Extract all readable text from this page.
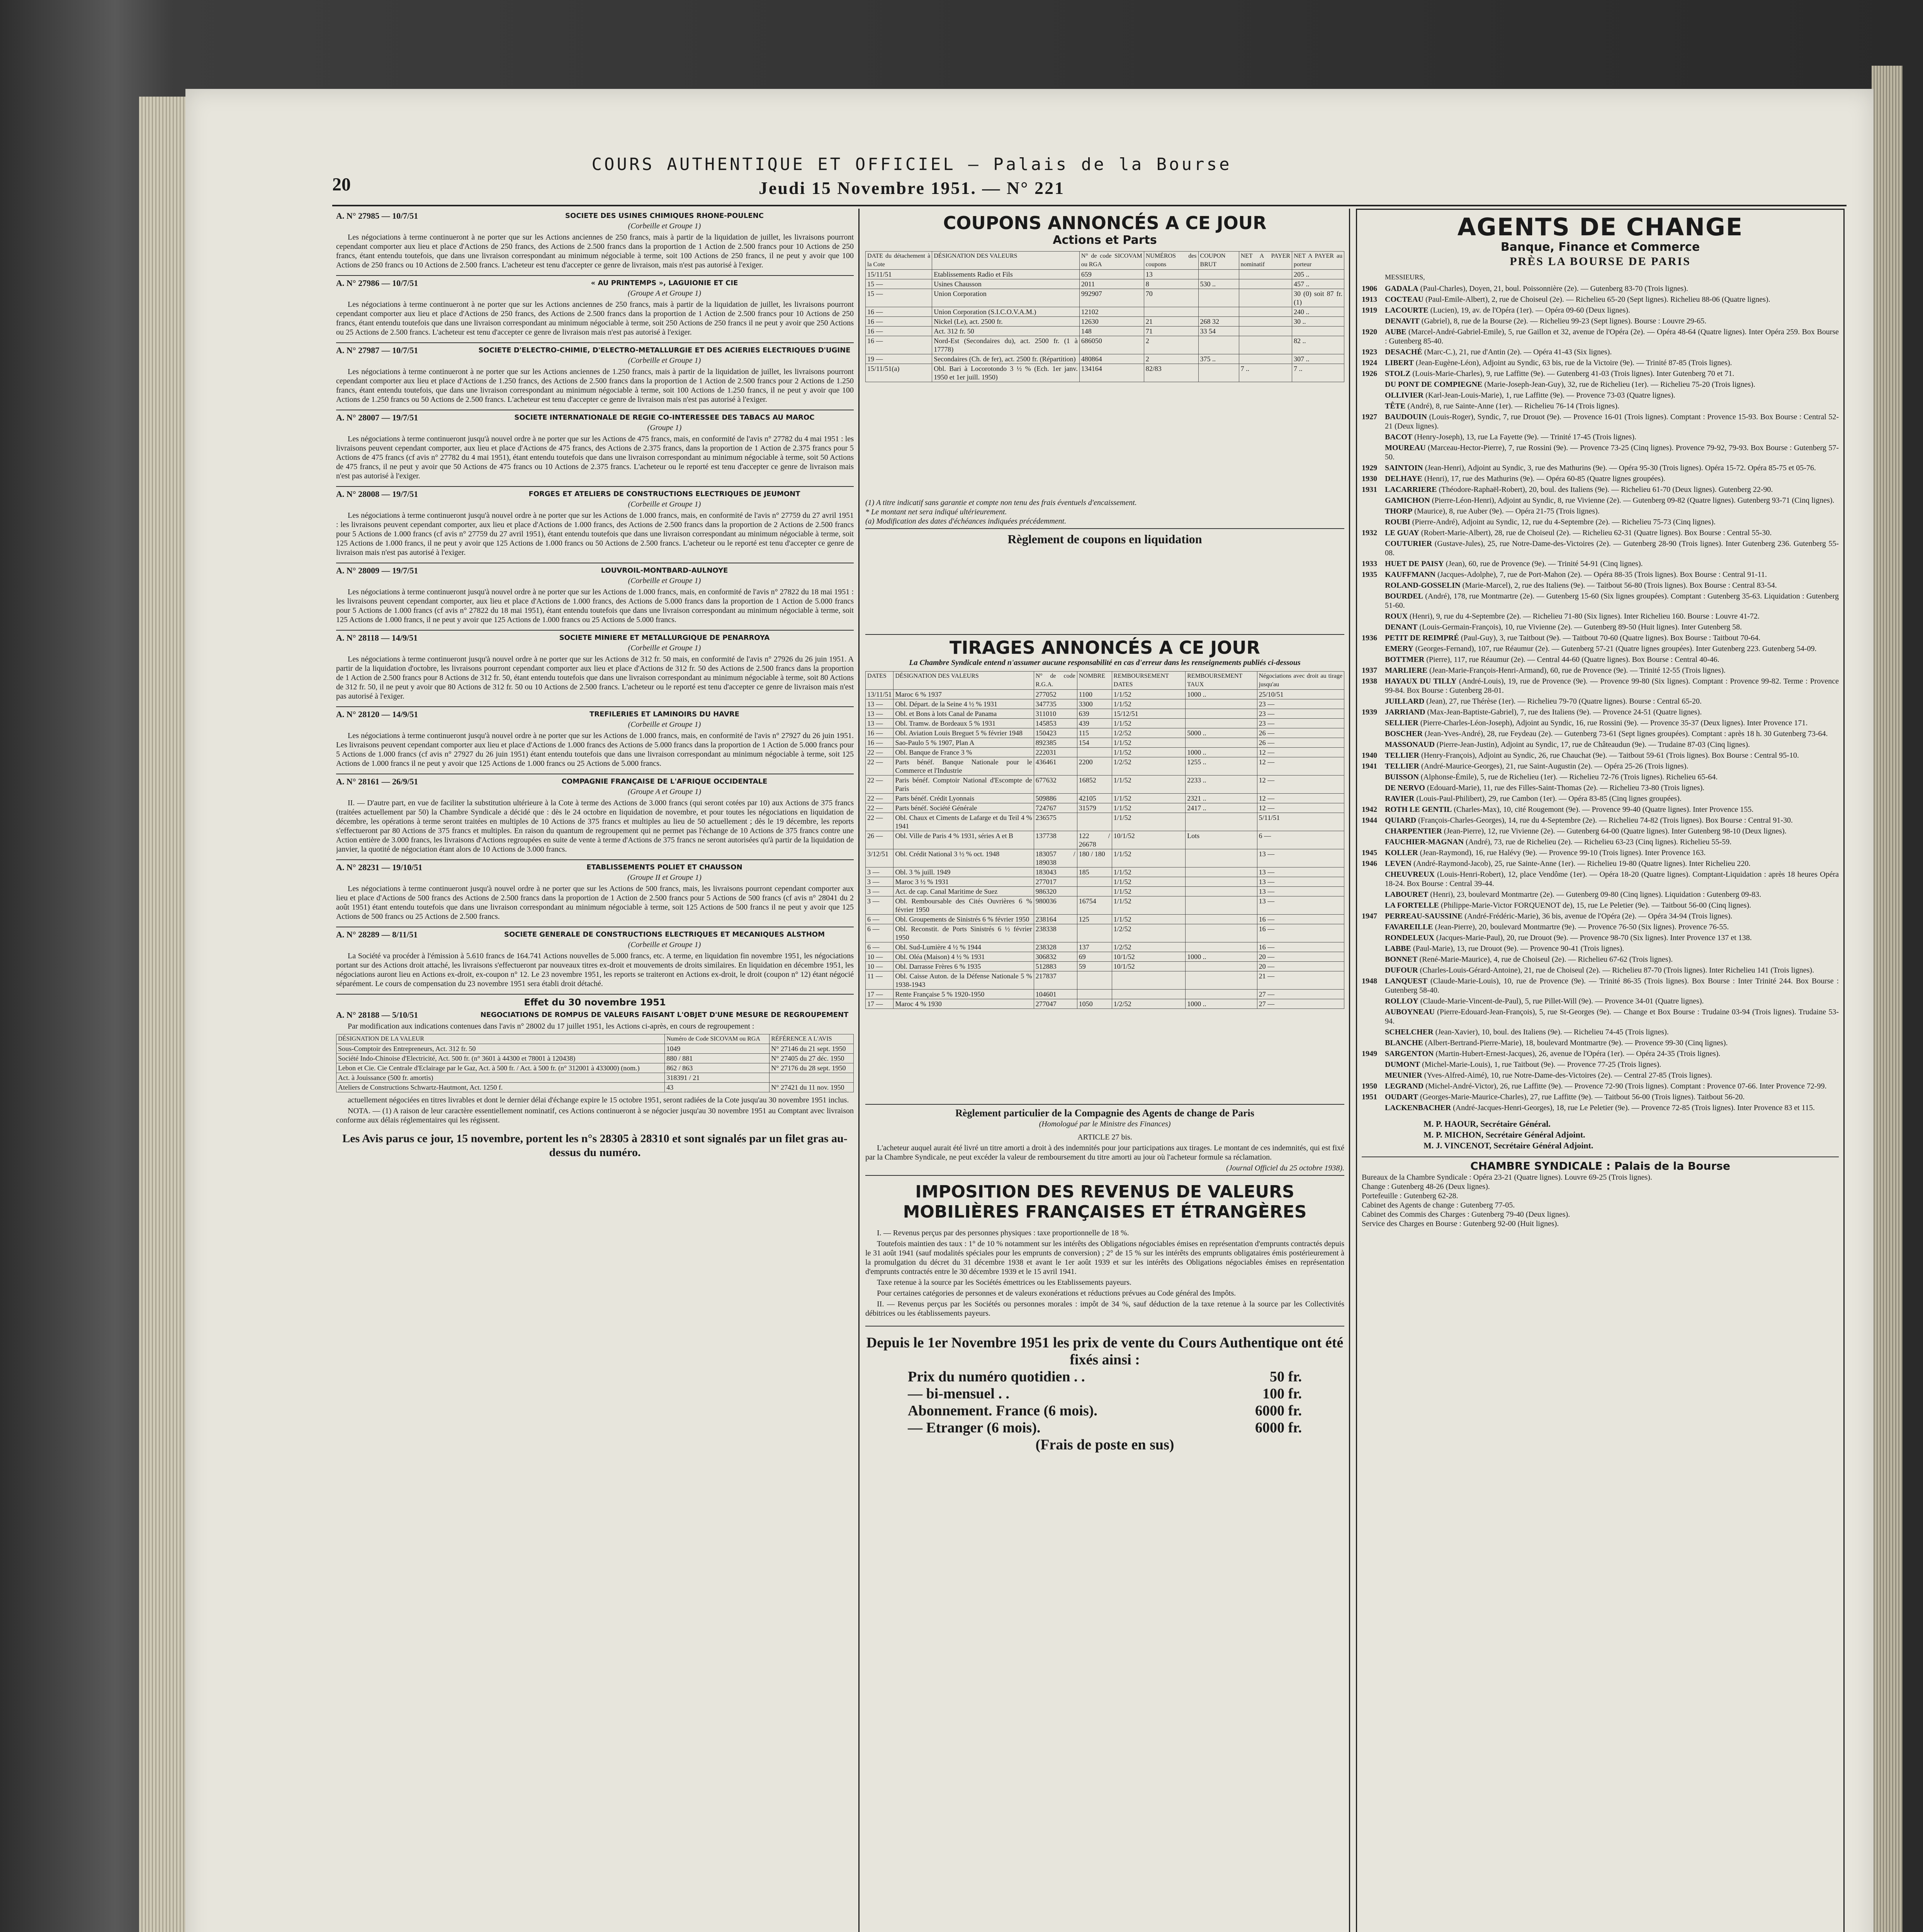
20
COURS AUTHENTIQUE ET OFFICIEL — Palais de la Bourse
Jeudi 15 Novembre 1951. — N° 221
A. N° 27985 — 10/7/51	SOCIETE DES USINES CHIMIQUES RHONE-POULENC
(Corbeille et Groupe 1)

Les négociations à terme continueront à ne porter que sur les Actions anciennes de 250 francs, mais à partir de la liquidation de juillet, les livraisons pourront cependant comporter aux lieu et place d'Actions de 250 francs, des Actions de 2.500 francs dans la proportion de 1 Action de 2.500 francs pour 10 Actions de 250 francs, étant entendu toutefois, que dans une livraison correspondant au minimum négociable à terme, soit 100 Actions de 250 francs, il ne peut y avoir que 100 Actions de 250 francs ou 10 Actions de 2.500 francs. L'acheteur est tenu d'accepter ce genre de livraison, mais n'est pas autorisé à l'exiger.

A. N° 27986 — 10/7/51	« AU PRINTEMPS », LAGUIONIE ET CIE
(Groupe A et Groupe 1)

Les négociations à terme continueront à ne porter que sur les Actions anciennes de 250 francs, mais à partir de la liquidation de juillet, les livraisons pourront cependant comporter aux lieu et place d'Actions de 250 francs, des Actions de 2.500 francs dans la proportion de 1 Action de 2.500 francs pour 10 Actions de 250 francs, étant entendu toutefois que dans une livraison correspondant au minimum négociable à terme, soit 250 Actions de 250 francs il ne peut y avoir que 250 Actions ou 25 Actions de 2.500 francs. L'acheteur est tenu d'accepter ce genre de livraison mais n'est pas autorisé à l'exiger.

A. N° 27987 — 10/7/51	SOCIETE D'ELECTRO-CHIMIE, D'ELECTRO-METALLURGIE ET DES ACIERIES ELECTRIQUES D'UGINE
(Corbeille et Groupe 1)

Les négociations à terme continueront à ne porter que sur les Actions anciennes de 1.250 francs, mais à partir de la liquidation de juillet, les livraisons pourront cependant comporter aux lieu et place d'Actions de 1.250 francs, des Actions de 2.500 francs dans la proportion de 1 Action de 2.500 francs pour 2 Actions de 1.250 francs, étant entendu toutefois, que dans une livraison correspondant au minimum négociable à terme, soit 100 Actions de 1.250 francs, il ne peut y avoir que 100 Actions de 1.250 francs ou 50 Actions de 2.500 francs. L'acheteur est tenu d'accepter ce genre de livraison mais n'est pas autorisé à l'exiger.

A. N° 28007 — 19/7/51	SOCIETE INTERNATIONALE DE REGIE CO-INTERESSEE DES TABACS AU MAROC
(Groupe 1)

Les négociations à terme continueront jusqu'à nouvel ordre à ne porter que sur les Actions de 475 francs, mais, en conformité de l'avis n° 27782 du 4 mai 1951 : les livraisons peuvent cependant comporter, aux lieu et place d'Actions de 475 francs, des Actions de 2.375 francs, dans la proportion de 1 Action de 2.375 francs pour 5 Actions de 475 francs (cf avis n° 27782 du 4 mai 1951), étant entendu toutefois que dans une livraison correspondant au minimum négociable à terme, soit 50 Actions de 475 francs, il ne peut y avoir que 50 Actions de 475 francs ou 10 Actions de 2.375 francs. L'acheteur ou le reporté est tenu d'accepter ce genre de livraison mais n'est pas autorisé à l'exiger.

A. N° 28008 — 19/7/51	FORGES ET ATELIERS DE CONSTRUCTIONS ELECTRIQUES DE JEUMONT
(Corbeille et Groupe 1)

Les négociations à terme continueront jusqu'à nouvel ordre à ne porter que sur les Actions de 1.000 francs, mais, en conformité de l'avis n° 27759 du 27 avril 1951 : les livraisons peuvent cependant comporter, aux lieu et place d'Actions de 1.000 francs, des Actions de 2.500 francs dans la proportion de 2 Actions de 2.500 francs pour 5 Actions de 1.000 francs (cf avis n° 27759 du 27 avril 1951), étant entendu toutefois que dans une livraison correspondant au minimum négociable à terme, soit 125 Actions de 1.000 francs, il ne peut y avoir que 125 Actions de 1.000 francs ou 50 Actions de 2.500 francs. L'acheteur ou le reporté est tenu d'accepter ce genre de livraison mais n'est pas autorisé à l'exiger.

A. N° 28009 — 19/7/51	LOUVROIL-MONTBARD-AULNOYE
(Corbeille et Groupe 1)

Les négociations à terme continueront jusqu'à nouvel ordre à ne porter que sur les Actions de 1.000 francs, mais, en conformité de l'avis n° 27822 du 18 mai 1951 : les livraisons peuvent cependant comporter, aux lieu et place d'Actions de 1.000 francs, des Actions de 5.000 francs dans la proportion de 1 Action de 5.000 francs pour 5 Actions de 1.000 francs (cf avis n° 27822 du 18 mai 1951), étant entendu toutefois que dans une livraison correspondant au minimum négociable à terme, soit 125 Actions de 1.000 francs, il ne peut y avoir que 125 Actions de 1.000 francs ou 25 Actions de 5.000 francs.

A. N° 28118 — 14/9/51	SOCIETE MINIERE ET METALLURGIQUE DE PENARROYA
(Corbeille et Groupe 1)

Les négociations à terme continueront jusqu'à nouvel ordre à ne porter que sur les Actions de 312 fr. 50 mais, en conformité de l'avis n° 27926 du 26 juin 1951. A partir de la liquidation d'octobre, les livraisons pourront cependant comporter aux lieu et place d'Actions de 312 fr. 50 des Actions de 2.500 francs dans la proportion de 1 Action de 2.500 francs pour 8 Actions de 312 fr. 50, étant entendu toutefois que dans une livraison correspondant au minimum négociable à terme, soit 80 Actions de 312 fr. 50, il ne peut y avoir que 80 Actions de 312 fr. 50 ou 10 Actions de 2.500 francs. L'acheteur ou le reporté est tenu d'accepter ce genre de livraison mais n'est pas autorisé à l'exiger.

A. N° 28120 — 14/9/51	TREFILERIES ET LAMINOIRS DU HAVRE
(Corbeille et Groupe 1)

Les négociations à terme continueront jusqu'à nouvel ordre à ne porter que sur les Actions de 1.000 francs, mais, en conformité de l'avis n° 27927 du 26 juin 1951. Les livraisons peuvent cependant comporter aux lieu et place d'Actions de 1.000 francs des Actions de 5.000 francs dans la proportion de 1 Action de 5.000 francs pour 5 Actions de 1.000 francs (cf avis n° 27927 du 26 juin 1951) étant entendu toutefois que dans une livraison correspondant au minimum négociable à terme, soit 125 Actions de 1.000 francs il ne peut y avoir que 125 Actions de 1.000 francs ou 25 Actions de 5.000 francs.

A. N° 28161 — 26/9/51	COMPAGNIE FRANÇAISE DE L'AFRIQUE OCCIDENTALE
(Groupe A et Groupe 1)

II. — D'autre part, en vue de faciliter la substitution ultérieure à la Cote à terme des Actions de 3.000 francs (qui seront cotées par 10) aux Actions de 375 francs (traitées actuellement par 50) la Chambre Syndicale a décidé que : dès le 24 octobre en liquidation de novembre, et pour toutes les négociations en liquidation de décembre, les opérations à terme seront traitées en multiples de 10 Actions de 375 francs et multiples au lieu de 50 actuellement ; dès le 19 décembre, les reports s'effectueront par 80 Actions de 375 francs et multiples. En raison du quantum de regroupement qui ne permet pas l'échange de 10 Actions de 375 francs contre une Action entière de 3.000 francs, les livraisons d'Actions regroupées en suite de vente à terme d'Actions de 375 francs ne seront autorisées qu'à partir de la liquidation de janvier, la quotité de négociation étant alors de 10 Actions de 3.000 francs.

A. N° 28231 — 19/10/51	ETABLISSEMENTS POLIET ET CHAUSSON
(Groupe II et Groupe 1)

Les négociations à terme continueront jusqu'à nouvel ordre à ne porter que sur les Actions de 500 francs, mais, les livraisons pourront cependant comporter aux lieu et place d'Actions de 500 francs des Actions de 2.500 francs dans la proportion de 1 Action de 2.500 francs pour 5 Actions de 500 francs (cf avis n° 28041 du 2 août 1951) étant entendu toutefois que dans une livraison correspondant au minimum négociable à terme, soit 125 Actions de 500 francs il ne peut y avoir que 125 Actions de 500 francs ou 25 Actions de 2.500 francs.

A. N° 28289 — 8/11/51	SOCIETE GENERALE DE CONSTRUCTIONS ELECTRIQUES ET MECANIQUES ALSTHOM
(Corbeille et Groupe 1)

La Société va procéder à l'émission à 5.610 francs de 164.741 Actions nouvelles de 5.000 francs, etc. A terme, en liquidation fin novembre 1951, les négociations portant sur des Actions droit attaché, les livraisons s'effectueront par nouveaux titres ex-droit et mouvements de droits similaires. En liquidation en décembre 1951, les négociations auront lieu en Actions ex-droit, ex-coupon n° 12. Le 23 novembre 1951, les reports se traiteront en Actions ex-droit, le droit (coupon n° 12) étant négocié séparément. Le cours de compensation du 23 novembre 1951 sera établi droit détaché.

Effet du 30 novembre 1951
A. N° 28188 — 5/10/51	NEGOCIATIONS DE ROMPUS DE VALEURS FAISANT L'OBJET D'UNE MESURE DE REGROUPEMENT

Par modification aux indications contenues dans l'avis n° 28002 du 17 juillet 1951, les Actions ci-après, en cours de regroupement :

DÉSIGNATION DE LA VALEUR	Numéro de Code SICOVAM ou RGA	RÉFÉRENCE A L'AVIS
Sous-Comptoir des Entrepreneurs, Act. 312 fr. 50	1049	N° 27146 du 21 sept. 1950
Société Indo-Chinoise d'Electricité, Act. 500 fr. (n° 3601 à 44300 et 78001 à 120438)	880 / 881	N° 27405 du 27 déc. 1950
Lebon et Cie. Cie Centrale d'Eclairage par le Gaz, Act. à 500 fr. / Act. à 500 fr. (n° 312001 à 433000) (nom.)	862 / 863	N° 27176 du 28 sept. 1950
Act. à Jouissance (500 fr. amortis)	318391 / 21	
Ateliers de Constructions Schwartz-Hautmont, Act. 1250 f.	43	N° 27421 du 11 nov. 1950

actuellement négociées en titres livrables et dont le dernier délai d'échange expire le 15 octobre 1951, seront radiées de la Cote jusqu'au 30 novembre 1951 inclus.

NOTA. — (1) A raison de leur caractère essentiellement nominatif, ces Actions continueront à se négocier jusqu'au 30 novembre 1951 au Comptant avec livraison conforme aux délais réglementaires qui les régissent.

Les Avis parus ce jour, 15 novembre, portent les n°s 28305 à 28310 et sont signalés par un filet gras au-dessus du numéro.
COUPONS ANNONCÉS A CE JOUR
Actions et Parts
DATE du détachement à la Cote	DÉSIGNATION DES VALEURS	N° de code SICOVAM ou RGA	NUMÉROS des coupons	COUPON BRUT	NET A PAYER nominatif	NET A PAYER au porteur
15/11/51	Etablissements Radio et Fils	659	13			205 ..
15 —	Usines Chausson	2011	8	530 ..		457 ..
15 —	Union Corporation	992907	70			30 (0) soit 87 fr. (1)
16 —	Union Corporation (S.I.C.O.V.A.M.)	12102				240 ..
16 —	Nickel (Le), act. 2500 fr.	12630	21	268 32		30 ..
16 —	Act. 312 fr. 50	148	71	33 54		
16 —	Nord-Est (Secondaires du), act. 2500 fr. (1 à 17778)	686050	2			82 ..
19 —	Secondaires (Ch. de fer), act. 2500 fr. (Répartition)	480864	2	375 ..		307 ..
15/11/51(a)	Obl. Bari à Locorotondo 3 ½ % (Ech. 1er janv. 1950 et 1er juill. 1950)	134164	82/83		7 ..	7 ..
(1) A titre indicatif sans garantie et compte non tenu des frais éventuels d'encaissement.
* Le montant net sera indiqué ultérieurement.
(a) Modification des dates d'échéances indiquées précédemment.
Règlement de coupons en liquidation
TIRAGES ANNONCÉS A CE JOUR
La Chambre Syndicale entend n'assumer aucune responsabilité en cas d'erreur dans les renseignements publiés ci-dessous
DATES	DÉSIGNATION DES VALEURS	N° de code R.G.A.	NOMBRE	REMBOURSEMENT DATES	REMBOURSEMENT TAUX	Négociations avec droit au tirage jusqu'au
13/11/51	Maroc 6 % 1937	277052	1100	1/1/52	1000 ..	25/10/51
13 —	Obl. Départ. de la Seine 4 ½ % 1931	347735	3300	1/1/52		23 —
13 —	Obl. et Bons à lots Canal de Panama	311010	639	15/12/51		23 —
13 —	Obl. Tramw. de Bordeaux 5 % 1931	145853	439	1/1/52		23 —
16 —	Obl. Aviation Louis Breguet 5 % février 1948	150423	115	1/2/52	5000 ..	26 —
16 —	Sao-Paulo 5 % 1907, Plan A	892385	154	1/1/52		26 —
22 —	Obl. Banque de France 3 %	222031		1/1/52	1000 ..	12 —
22 —	Parts bénéf. Banque Nationale pour le Commerce et l'Industrie	436461	2200	1/2/52	1255 ..	12 —
22 —	Paris bénéf. Comptoir National d'Escompte de Paris	677632	16852	1/1/52	2233 ..	12 —
22 —	Parts bénéf. Crédit Lyonnais	509886	42105	1/1/52	2321 ..	12 —
22 —	Parts bénéf. Société Générale	724767	31579	1/1/52	2417 ..	12 —
22 —	Obl. Chaux et Ciments de Lafarge et du Teil 4 % 1941	236575		1/1/52		5/11/51
26 —	Obl. Ville de Paris 4 % 1931, séries A et B	137738	122 / 26678	10/1/52	Lots	6 —
3/12/51	Obl. Crédit National 3 ½ % oct. 1948	183057 / 189038	180 / 180	1/1/52		13 —
3 —	Obl. 3 % juill. 1949	183043	185	1/1/52		13 —
3 —	Maroc 3 ½ % 1931	277017		1/1/52		13 —
3 —	Act. de cap. Canal Maritime de Suez	986320		1/1/52		13 —
3 —	Obl. Remboursable des Cités Ouvrières 6 % février 1950	980036	16754	1/1/52		13 —
6 —	Obl. Groupements de Sinistrés 6 % février 1950	238164	125	1/1/52		16 —
6 —	Obl. Reconstit. de Ports Sinistrés 6 ½ février 1950	238338		1/2/52		16 —
6 —	Obl. Sud-Lumière 4 ½ % 1944	238328	137	1/2/52		16 —
10 —	Obl. Oléa (Maison) 4 ½ % 1931	306832	69	10/1/52	1000 ..	20 —
10 —	Obl. Darrasse Frères 6 % 1935	512883	59	10/1/52		20 —
11 —	Obl. Caisse Auton. de la Défense Nationale 5 % 1938-1943	217837				21 —
17 —	Rente Française 5 % 1920-1950	104601				27 —
17 —	Maroc 4 % 1930	277047	1050	1/2/52	1000 ..	27 —
Règlement particulier de la Compagnie des Agents de change de Paris
(Homologué par le Ministre des Finances)
ARTICLE 27 bis.

L'acheteur auquel aurait été livré un titre amorti a droit à des indemnités pour jour participations aux tirages. Le montant de ces indemnités, qui est fixé par la Chambre Syndicale, ne peut excéder la valeur de remboursement du titre amorti au jour où l'acheteur formule sa réclamation.

(Journal Officiel du 25 octobre 1938).
IMPOSITION DES REVENUS DE VALEURS MOBILIÈRES FRANÇAISES ET ÉTRANGÈRES

I. — Revenus perçus par des personnes physiques : taxe proportionnelle de 18 %.

Toutefois maintien des taux : 1° de 10 % notamment sur les intérêts des Obligations négociables émises en représentation d'emprunts contractés depuis le 31 août 1941 (sauf modalités spéciales pour les emprunts de conversion) ; 2° de 15 % sur les intérêts des emprunts obligataires émis postérieurement à la promulgation du décret du 31 décembre 1938 et avant le 1er août 1939 et sur les intérêts des Obligations négociables émises en représentation d'emprunts contractés entre le 30 décembre 1939 et le 15 avril 1941.

Taxe retenue à la source par les Sociétés émettrices ou les Etablissements payeurs.

Pour certaines catégories de personnes et de valeurs exonérations et réductions prévues au Code général des Impôts.

II. — Revenus perçus par les Sociétés ou personnes morales : impôt de 34 %, sauf déduction de la taxe retenue à la source par les Collectivités débitrices ou les établissements payeurs.

Depuis le 1er Novembre 1951 les prix de vente du Cours Authentique ont été fixés ainsi :
Prix du numéro quotidien . .	50 fr.
— bi-mensuel . .	100 fr.
Abonnement. France (6 mois).	6000 fr.
— Etranger (6 mois).	6000 fr.
(Frais de poste en sus)
AGENTS DE CHANGE
Banque, Finance et Commerce
PRÈS LA BOURSE DE PARIS
MESSIEURS,
1906	GADALA (Paul-Charles), Doyen, 21, boul. Poissonnière (2e). — Gutenberg 83-70 (Trois lignes).
1913	COCTEAU (Paul-Emile-Albert), 2, rue de Choiseul (2e). — Richelieu 65-20 (Sept lignes). Richelieu 88-06 (Quatre lignes).
1919	LACOURTE (Lucien), 19, av. de l'Opéra (1er). — Opéra 09-60 (Deux lignes).
DENAVIT (Gabriel), 8, rue de la Bourse (2e). — Richelieu 99-23 (Sept lignes). Bourse : Louvre 29-65.
1920	AUBE (Marcel-André-Gabriel-Emile), 5, rue Gaillon et 32, avenue de l'Opéra (2e). — Opéra 48-64 (Quatre lignes). Inter Opéra 259. Box Bourse : Gutenberg 85-40.
1923	DESACHÉ (Marc-C.), 21, rue d'Antin (2e). — Opéra 41-43 (Six lignes).
1924	LIBERT (Jean-Eugène-Léon), Adjoint au Syndic, 63 bis, rue de la Victoire (9e). — Trinité 87-85 (Trois lignes).
1926	STOLZ (Louis-Marie-Charles), 9, rue Laffitte (9e). — Gutenberg 41-03 (Trois lignes). Inter Gutenberg 70 et 71.
DU PONT DE COMPIEGNE (Marie-Joseph-Jean-Guy), 32, rue de Richelieu (1er). — Richelieu 75-20 (Trois lignes).
OLLIVIER (Karl-Jean-Louis-Marie), 1, rue Laffitte (9e). — Provence 73-03 (Quatre lignes).
TÊTE (André), 8, rue Sainte-Anne (1er). — Richelieu 76-14 (Trois lignes).
1927	BAUDOUIN (Louis-Roger), Syndic, 7, rue Drouot (9e). — Provence 16-01 (Trois lignes). Comptant : Provence 15-93. Box Bourse : Central 52-21 (Deux lignes).
BACOT (Henry-Joseph), 13, rue La Fayette (9e). — Trinité 17-45 (Trois lignes).
MOUREAU (Marceau-Hector-Pierre), 7, rue Rossini (9e). — Provence 73-25 (Cinq lignes). Provence 79-92, 79-93. Box Bourse : Gutenberg 57-50.
1929	SAINTOIN (Jean-Henri), Adjoint au Syndic, 3, rue des Mathurins (9e). — Opéra 95-30 (Trois lignes). Opéra 15-72. Opéra 85-75 et 05-76.
1930	DELHAYE (Henri), 17, rue des Mathurins (9e). — Opéra 60-85 (Quatre lignes groupées).
1931	LACARRIERE (Théodore-Raphaël-Robert), 20, boul. des Italiens (9e). — Richelieu 61-70 (Deux lignes). Gutenberg 22-90.
GAMICHON (Pierre-Léon-Henri), Adjoint au Syndic, 8, rue Vivienne (2e). — Gutenberg 09-82 (Quatre lignes). Gutenberg 93-71 (Cinq lignes).
THORP (Maurice), 8, rue Auber (9e). — Opéra 21-75 (Trois lignes).
ROUBI (Pierre-André), Adjoint au Syndic, 12, rue du 4-Septembre (2e). — Richelieu 75-73 (Cinq lignes).
1932	LE GUAY (Robert-Marie-Albert), 28, rue de Choiseul (2e). — Richelieu 62-31 (Quatre lignes). Box Bourse : Central 55-30.
COUTURIER (Gustave-Jules), 25, rue Notre-Dame-des-Victoires (2e). — Gutenberg 28-90 (Trois lignes). Inter Gutenberg 236. Gutenberg 55-08.
1933	HUET DE PAISY (Jean), 60, rue de Provence (9e). — Trinité 54-91 (Cinq lignes).
1935	KAUFFMANN (Jacques-Adolphe), 7, rue de Port-Mahon (2e). — Opéra 88-35 (Trois lignes). Box Bourse : Central 91-11.
ROLAND-GOSSELIN (Marie-Marcel), 2, rue des Italiens (9e). — Taitbout 56-80 (Trois lignes). Box Bourse : Central 83-54.
BOURDEL (André), 178, rue Montmartre (2e). — Gutenberg 15-60 (Six lignes groupées). Comptant : Gutenberg 35-63. Liquidation : Gutenberg 51-60.
ROUX (Henri), 9, rue du 4-Septembre (2e). — Richelieu 71-80 (Six lignes). Inter Richelieu 160. Bourse : Louvre 41-72.
DENANT (Louis-Germain-François), 10, rue Vivienne (2e). — Gutenberg 89-50 (Huit lignes). Inter Gutenberg 58.
1936	PETIT DE REIMPRÉ (Paul-Guy), 3, rue Taitbout (9e). — Taitbout 70-60 (Quatre lignes). Box Bourse : Taitbout 70-64.
EMERY (Georges-Fernand), 107, rue Réaumur (2e). — Gutenberg 57-21 (Quatre lignes groupées). Inter Gutenberg 223. Gutenberg 54-09.
BOTTMER (Pierre), 117, rue Réaumur (2e). — Central 44-60 (Quatre lignes). Box Bourse : Central 40-46.
1937	MARLIERE (Jean-Marie-François-Henri-Armand), 60, rue de Provence (9e). — Trinité 12-55 (Trois lignes).
1938	HAYAUX DU TILLY (André-Louis), 19, rue de Provence (9e). — Provence 99-80 (Six lignes). Comptant : Provence 99-82. Terme : Provence 99-84. Box Bourse : Gutenberg 28-01.
JUILLARD (Jean), 27, rue Thérèse (1er). — Richelieu 79-70 (Quatre lignes). Bourse : Central 65-20.
1939	JARRIAND (Max-Jean-Baptiste-Gabriel), 7, rue des Italiens (9e). — Provence 24-51 (Quatre lignes).
SELLIER (Pierre-Charles-Léon-Joseph), Adjoint au Syndic, 16, rue Rossini (9e). — Provence 35-37 (Deux lignes). Inter Provence 171.
BOSCHER (Jean-Yves-André), 28, rue Feydeau (2e). — Gutenberg 73-61 (Sept lignes groupées). Comptant : après 18 h. 30 Gutenberg 73-64.
MASSONAUD (Pierre-Jean-Justin), Adjoint au Syndic, 17, rue de Châteaudun (9e). — Trudaine 87-03 (Cinq lignes).
1940	TELLIER (Henry-François), Adjoint au Syndic, 26, rue Chauchat (9e). — Taitbout 59-61 (Trois lignes). Box Bourse : Central 95-10.
1941	TELLIER (André-Maurice-Georges), 21, rue Saint-Augustin (2e). — Opéra 25-26 (Trois lignes).
BUISSON (Alphonse-Émile), 5, rue de Richelieu (1er). — Richelieu 72-76 (Trois lignes). Richelieu 65-64.
DE NERVO (Edouard-Marie), 11, rue des Filles-Saint-Thomas (2e). — Richelieu 73-80 (Trois lignes).
RAVIER (Louis-Paul-Philibert), 29, rue Cambon (1er). — Opéra 83-85 (Cinq lignes groupées).
1942	ROTH LE GENTIL (Charles-Max), 10, cité Rougemont (9e). — Provence 99-40 (Quatre lignes). Inter Provence 155.
1944	QUIARD (François-Charles-Georges), 14, rue du 4-Septembre (2e). — Richelieu 74-82 (Trois lignes). Box Bourse : Central 91-30.
CHARPENTIER (Jean-Pierre), 12, rue Vivienne (2e). — Gutenberg 64-00 (Quatre lignes). Inter Gutenberg 98-10 (Deux lignes).
FAUCHIER-MAGNAN (André), 73, rue de Richelieu (2e). — Richelieu 63-23 (Cinq lignes). Richelieu 55-59.
1945	KOLLER (Jean-Raymond), 16, rue Halévy (9e). — Provence 99-10 (Trois lignes). Inter Provence 163.
1946	LEVEN (André-Raymond-Jacob), 25, rue Sainte-Anne (1er). — Richelieu 19-80 (Quatre lignes). Inter Richelieu 220.
CHEUVREUX (Louis-Henri-Robert), 12, place Vendôme (1er). — Opéra 18-20 (Quatre lignes). Comptant-Liquidation : après 18 heures Opéra 18-24. Box Bourse : Central 39-44.
LABOURET (Henri), 23, boulevard Montmartre (2e). — Gutenberg 09-80 (Cinq lignes). Liquidation : Gutenberg 09-83.
LA FORTELLE (Philippe-Marie-Victor FORQUENOT de), 15, rue Le Peletier (9e). — Taitbout 56-00 (Cinq lignes).
1947	PERREAU-SAUSSINE (André-Frédéric-Marie), 36 bis, avenue de l'Opéra (2e). — Opéra 34-94 (Trois lignes).
FAVAREILLE (Jean-Pierre), 20, boulevard Montmartre (9e). — Provence 76-50 (Six lignes). Provence 76-55.
RONDELEUX (Jacques-Marie-Paul), 20, rue Drouot (9e). — Provence 98-70 (Six lignes). Inter Provence 137 et 138.
LABBE (Paul-Marie), 13, rue Drouot (9e). — Provence 90-41 (Trois lignes).
BONNET (René-Marie-Maurice), 4, rue de Choiseul (2e). — Richelieu 67-62 (Trois lignes).
DUFOUR (Charles-Louis-Gérard-Antoine), 21, rue de Choiseul (2e). — Richelieu 87-70 (Trois lignes). Inter Richelieu 141 (Trois lignes).
1948	LANQUEST (Claude-Marie-Louis), 10, rue de Provence (9e). — Trinité 86-35 (Trois lignes). Box Bourse : Inter Trinité 244. Box Bourse : Gutenberg 58-40.
ROLLOY (Claude-Marie-Vincent-de-Paul), 5, rue Pillet-Will (9e). — Provence 34-01 (Quatre lignes).
AUBOYNEAU (Pierre-Edouard-Jean-François), 5, rue St-Georges (9e). — Change et Box Bourse : Trudaine 03-94 (Trois lignes). Trudaine 53-94.
SCHELCHER (Jean-Xavier), 10, boul. des Italiens (9e). — Richelieu 74-45 (Trois lignes).
BLANCHE (Albert-Bertrand-Pierre-Marie), 18, boulevard Montmartre (9e). — Provence 99-30 (Cinq lignes).
1949	SARGENTON (Martin-Hubert-Ernest-Jacques), 26, avenue de l'Opéra (1er). — Opéra 24-35 (Trois lignes).
DUMONT (Michel-Marie-Louis), 1, rue Taitbout (9e). — Provence 77-25 (Trois lignes).
MEUNIER (Yves-Alfred-Aimé), 10, rue Notre-Dame-des-Victoires (2e). — Central 27-85 (Trois lignes).
1950	LEGRAND (Michel-André-Victor), 26, rue Laffitte (9e). — Provence 72-90 (Trois lignes). Comptant : Provence 07-66. Inter Provence 72-99.
1951	OUDART (Georges-Marie-Maurice-Charles), 27, rue Laffitte (9e). — Taitbout 56-00 (Trois lignes). Taitbout 56-20.
LACKENBACHER (André-Jacques-Henri-Georges), 18, rue Le Peletier (9e). — Provence 72-85 (Trois lignes). Inter Provence 83 et 115.
M. P. HAOUR, Secrétaire Général.
M. P. MICHON, Secrétaire Général Adjoint.
M. J. VINCENOT, Secrétaire Général Adjoint.
CHAMBRE SYNDICALE : Palais de la Bourse
Bureaux de la Chambre Syndicale : Opéra 23-21 (Quatre lignes). Louvre 69-25 (Trois lignes).
Change : Gutenberg 48-26 (Deux lignes).
Portefeuille : Gutenberg 62-28.
Cabinet des Agents de change : Gutenberg 77-05.
Cabinet des Commis des Charges : Gutenberg 79-40 (Deux lignes).
Service des Charges en Bourse : Gutenberg 92-00 (Huit lignes).
